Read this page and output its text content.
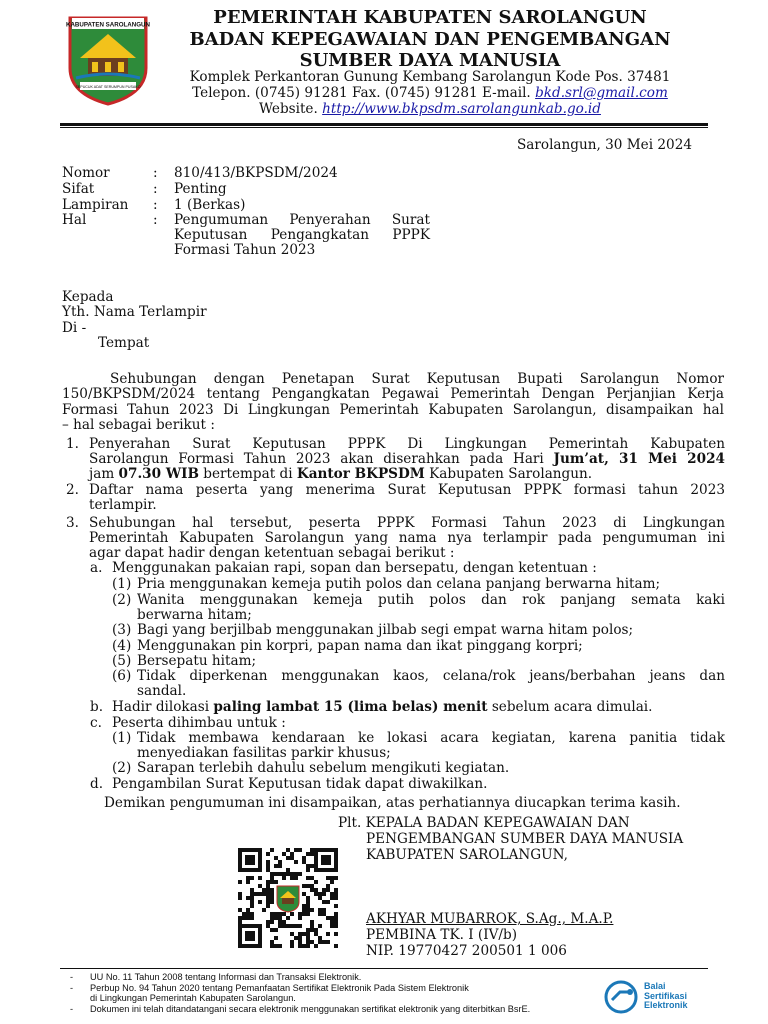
KABUPATEN SAROLANGUN
SEPUCUK ADAT SERUMPUN PUSAKO
PEMERINTAH KABUPATEN SAROLANGUN
BADAN KEPEGAWAIAN DAN PENGEMBANGAN
SUMBER DAYA MANUSIA
Komplek Perkantoran Gunung Kembang Sarolangun Kode Pos. 37481
Telepon. (0745) 91281 Fax. (0745) 91281 E-mail. bkd.srl@gmail.com
Website. http://www.bkpsdm.sarolangunkab.go.id
Sarolangun, 30 Mei 2024
Nomor	: 810/413/BKPSDM/2024
Sifat	: Penting
Lampiran	: 1 (Berkas)
Hal	: Pengumuman Penyerahan Surat
Keputusan Pengangkatan PPPK
Formasi Tahun 2023
Kepada
Yth. Nama Terlampir
Di -
Tempat
Sehubungan dengan Penetapan Surat Keputusan Bupati Sarolangun Nomor
150/BKPSDM/2024 tentang Pengangkatan Pegawai Pemerintah Dengan Perjanjian Kerja
Formasi Tahun 2023 Di Lingkungan Pemerintah Kabupaten Sarolangun, disampaikan hal
– hal sebagai berikut :
1. Penyerahan Surat Keputusan PPPK Di Lingkungan Pemerintah Kabupaten
Sarolangun Formasi Tahun 2023 akan diserahkan pada Hari Jum’at, 31 Mei 2024
jam 07.30 WIB bertempat di Kantor BKPSDM Kabupaten Sarolangun.
2. Daftar nama peserta yang menerima Surat Keputusan PPPK formasi tahun 2023
terlampir.
3. Sehubungan hal tersebut, peserta PPPK Formasi Tahun 2023 di Lingkungan
Pemerintah Kabupaten Sarolangun yang nama nya terlampir pada pengumuman ini
agar dapat hadir dengan ketentuan sebagai berikut :
a. Menggunakan pakaian rapi, sopan dan bersepatu, dengan ketentuan :
(1) Pria menggunakan kemeja putih polos dan celana panjang berwarna hitam;
(2) Wanita menggunakan kemeja putih polos dan rok panjang semata kaki
berwarna hitam;
(3) Bagi yang berjilbab menggunakan jilbab segi empat warna hitam polos;
(4) Menggunakan pin korpri, papan nama dan ikat pinggang korpri;
(5) Bersepatu hitam;
(6) Tidak diperkenan menggunakan kaos, celana/rok jeans/berbahan jeans dan
sandal.
b. Hadir dilokasi paling lambat 15 (lima belas) menit sebelum acara dimulai.
c. Peserta dihimbau untuk :
(1) Tidak membawa kendaraan ke lokasi acara kegiatan, karena panitia tidak
menyediakan fasilitas parkir khusus;
(2) Sarapan terlebih dahulu sebelum mengikuti kegiatan.
d. Pengambilan Surat Keputusan tidak dapat diwakilkan.
Demikan pengumuman ini disampaikan, atas perhatiannya diucapkan terima kasih.
Plt. KEPALA BADAN KEPEGAWAIAN DAN
PENGEMBANGAN SUMBER DAYA MANUSIA
KABUPATEN SAROLANGUN,
AKHYAR MUBARROK, S.Ag., M.A.P.
PEMBINA TK. I (IV/b)
NIP. 19770427 200501 1 006
- UU No. 11 Tahun 2008 tentang Informasi dan Transaksi Elektronik.
- Perbup No. 94 Tahun 2020 tentang Pemanfaatan Sertifikat Elektronik Pada Sistem Elektronik
di Lingkungan Pemerintah Kabupaten Sarolangun.
- Dokumen ini telah ditandatangani secara elektronik menggunakan sertifikat elektronik yang diterbitkan BsrE.
Balai
Sertifikasi
Elektronik
